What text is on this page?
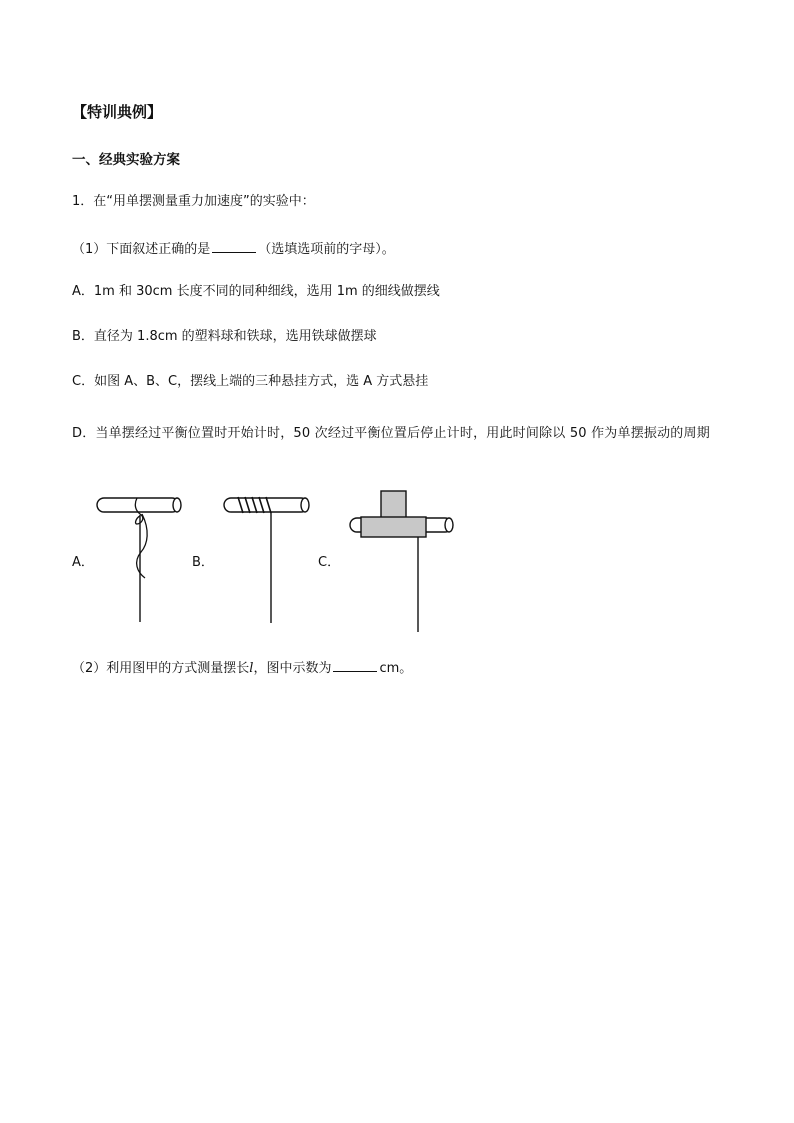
【特训典例】
一、经典实验方案
1．在“用单摆测量重力加速度”的实验中：
（1）下面叙述正确的是	（选填选项前的字母）。
A．1m 和 30cm 长度不同的同种细线，选用 1m 的细线做摆线
B．直径为 1.8cm 的塑料球和铁球，选用铁球做摆球
C．如图 A、B、C，摆线上端的三种悬挂方式，选 A 方式悬挂
D．当单摆经过平衡位置时开始计时，50 次经过平衡位置后停止计时，用此时间除以 50 作为单摆振动的周期
A．	B．	C．
（2）利用图甲的方式测量摆长l，图中示数为	cm。
